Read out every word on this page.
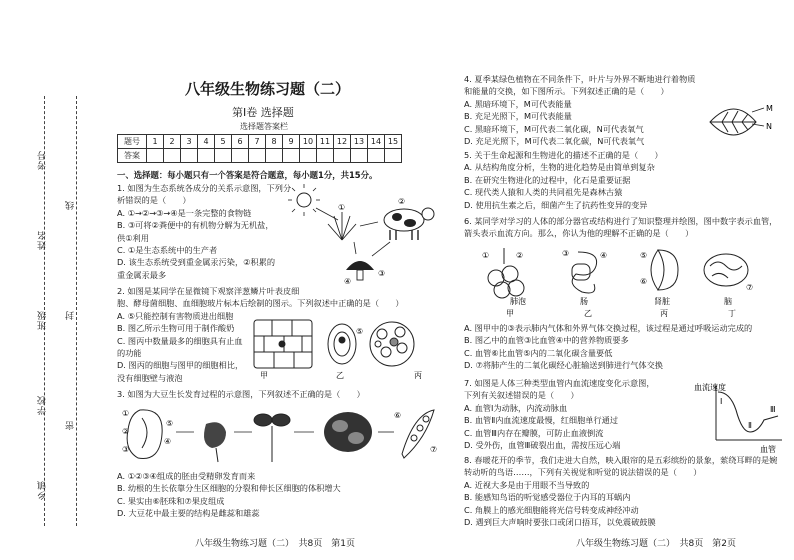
考号
姓名
班级
学校
乡镇
线
封
密
八年级生物练习题（二）
第Ⅰ卷 选择题
选择题答案栏
题号	1	2	3	4	5	6	7	8	9	10	11	12	13	14	15
答案															
一、选择题：每小题只有一个答案是符合题意，每小题1分，共15分。
1. 如图为生态系统各成分的关系示意图，下列分
析错误的是（　　）
A. ①→②→③→④是一条完整的食物链
B. ③可将②粪便中的有机物分解为无机盐，
供①利用
C. ①是生态系统中的生产者
D. 该生态系统受到重金属汞污染，②积累的
重金属汞最多
①
②
③
④
2. 如图是某同学在显微镜下观察洋葱鳞片叶表皮细
胞、酵母菌细胞、血细胞玻片标本后绘制的图示。下列叙述中正确的是（　　）
A. ⑤只能控制有害物质进出细胞
B. 图乙所示生物可用于制作酸奶
C. 图丙中数量最多的细胞具有止血
的功能
D. 图丙的细胞与图甲的细胞相比，
没有细胞壁与液泡
⑤
甲	乙	丙
3. 如图为大豆生长发育过程的示意图，下列叙述不正确的是（　　）
①
②
③
④
⑤
⑥
⑦
A. ①②③④组成的胚由受精卵发育而来
B. 幼根的生长依靠分生区细胞的分裂和伸长区细胞的体积增大
C. 果实由⑥胚珠和⑦果皮组成
D. 大豆花中最主要的结构是雌蕊和雄蕊
4. 夏季某绿色植物在不同条件下，叶片与外界不断地进行着物质
和能量的交换，如下图所示。下列叙述正确的是（　　）
A. 黑暗环境下，M可代表能量
B. 充足光照下，M可代表能量
C. 黑暗环境下，M可代表二氧化碳，N可代表氧气
D. 充足光照下，M可代表二氧化碳，N可代表氧气
M
N
5. 关于生命起源和生物进化的描述不正确的是（　　）
A. 从结构角度分析，生物的进化趋势是由简单到复杂
B. 在研究生物进化的过程中，化石是重要证据
C. 现代类人猿和人类的共同祖先是森林古猿
D. 使用抗生素之后，细菌产生了抗药性变异的变异
6. 某同学对学习的人体的部分器官或结构进行了知识整理并绘图，图中数字表示血管，
箭头表示血流方向。那么，你认为他的理解不正确的是（　　）
①	②
肺泡
③	④
肠
⑤
⑥
肾脏
⑦
脑
甲	乙	丙	丁
A. 图甲中的③表示肺内气体和外界气体交换过程，该过程是通过呼吸运动完成的
B. 图乙中的血管③比血管④中的营养物质要多
C. 血管⑥比血管⑤内的二氧化碳含量要低
D. ⑦将肺产生的二氧化碳经心脏输送到肺进行气体交换
7. 如图是人体三种类型血管内血流速度变化示意图，
下列有关叙述错误的是（　　）
A. 血管Ⅰ为动脉，内流动脉血
B. 血管Ⅱ内血流速度最慢，红细胞单行通过
C. 血管Ⅲ内存在瓣膜，可防止血液倒流
D. 受外伤，血管Ⅲ破裂出血，需按压远心端
血流速度
血管
Ⅰ
Ⅱ
Ⅲ
8. 春暖花开的季节，我们走进大自然，映入眼帘的是五彩缤纷的景象，萦绕耳畔的是婉
转动听的鸟语……，下列有关视觉和听觉的说法错误的是（　　）
A. 近视大多是由于用眼不当导致的
B. 能感知鸟语的听觉感受器位于内耳的耳蜗内
C. 角膜上的感光细胞能将光信号转变成神经冲动
D. 遇到巨大声响时要张口或闭口捂耳，以免震破鼓膜
八年级生物练习题（二）　共8页　第1页	八年级生物练习题（二）　共8页　第2页
